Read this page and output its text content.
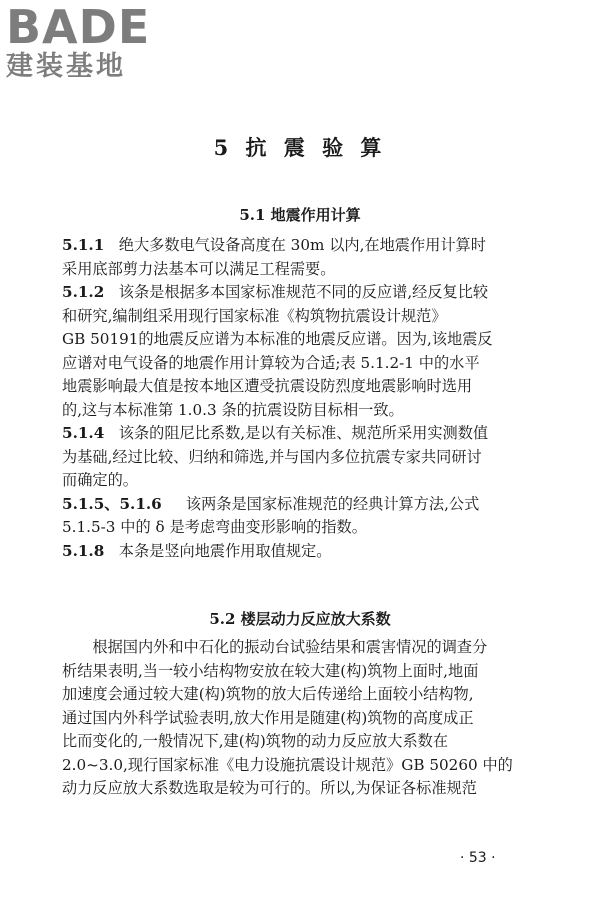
BADE
建装基地
5 抗 震 验 算
5.1 地震作用计算
5.1.1 绝大多数电气设备高度在 30m 以内,在地震作用计算时
采用底部剪力法基本可以满足工程需要。
5.1.2 该条是根据多本国家标准规范不同的反应谱,经反复比较
和研究,编制组采用现行国家标准《构筑物抗震设计规范》
GB 50191的地震反应谱为本标准的地震反应谱。因为,该地震反
应谱对电气设备的地震作用计算较为合适;表 5.1.2-1 中的水平
地震影响最大值是按本地区遭受抗震设防烈度地震影响时选用
的,这与本标准第 1.0.3 条的抗震设防目标相一致。
5.1.4 该条的阻尼比系数,是以有关标准、规范所采用实测数值
为基础,经过比较、归纳和筛选,并与国内多位抗震专家共同研讨
而确定的。
5.1.5、5.1.6 该两条是国家标准规范的经典计算方法,公式
5.1.5-3 中的 δ 是考虑弯曲变形影响的指数。
5.1.8 本条是竖向地震作用取值规定。
5.2 楼层动力反应放大系数
根据国内外和中石化的振动台试验结果和震害情况的调查分
析结果表明,当一较小结构物安放在较大建(构)筑物上面时,地面
加速度会通过较大建(构)筑物的放大后传递给上面较小结构物,
通过国内外科学试验表明,放大作用是随建(构)筑物的高度成正
比而变化的,一般情况下,建(构)筑物的动力反应放大系数在
2.0~3.0,现行国家标准《电力设施抗震设计规范》GB 50260 中的
动力反应放大系数选取是较为可行的。所以,为保证各标准规范
· 53 ·
